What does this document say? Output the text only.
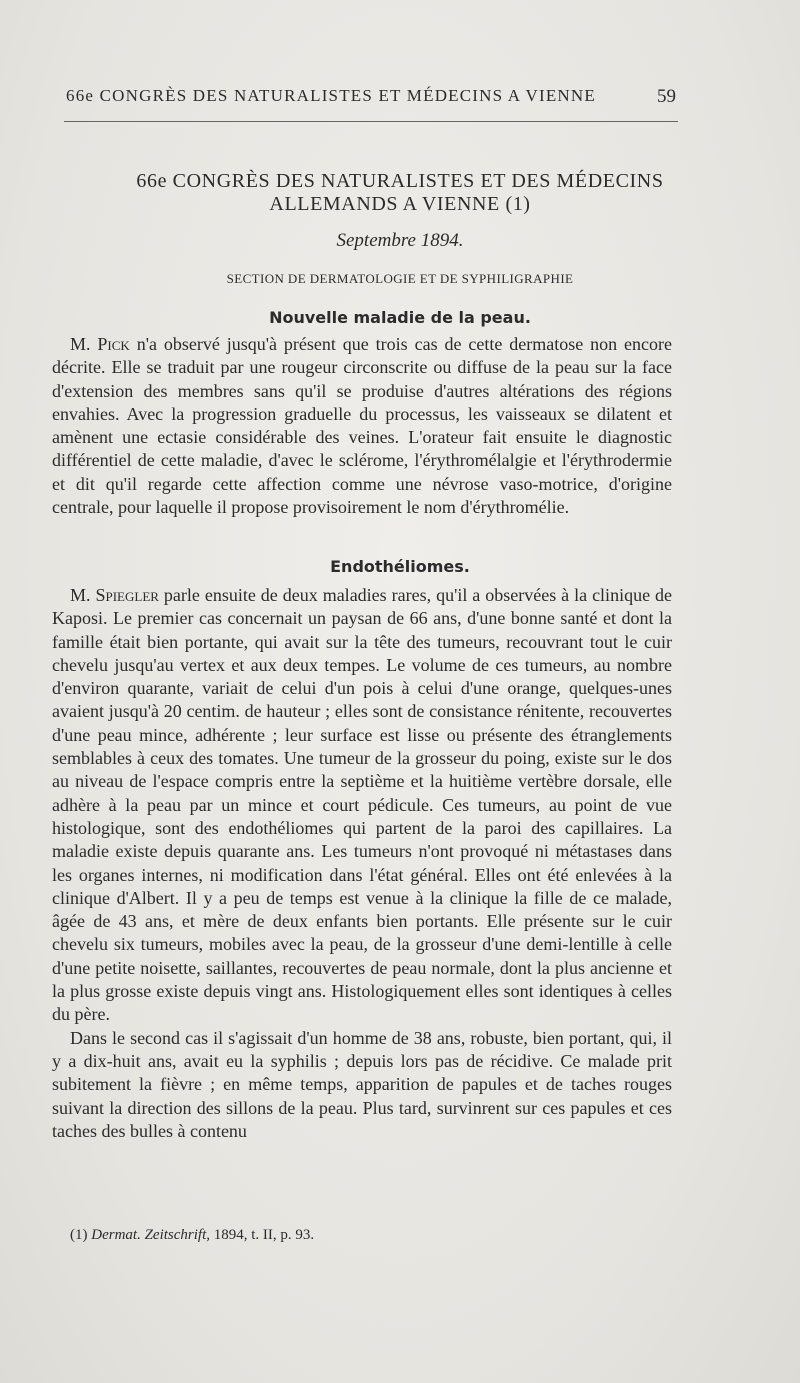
66e CONGRÈS DES NATURALISTES ET MÉDECINS A VIENNE	59
66e CONGRÈS DES NATURALISTES ET DES MÉDECINS
ALLEMANDS A VIENNE (1)
Septembre 1894.
SECTION DE DERMATOLOGIE ET DE SYPHILIGRAPHIE
Nouvelle maladie de la peau.

M. Pick n'a observé jusqu'à présent que trois cas de cette dermatose non encore décrite. Elle se traduit par une rougeur circonscrite ou diffuse de la peau sur la face d'extension des membres sans qu'il se produise d'autres altérations des régions envahies. Avec la progression graduelle du processus, les vaisseaux se dilatent et amènent une ectasie considérable des veines. L'orateur fait ensuite le diagnostic différentiel de cette maladie, d'avec le sclérome, l'érythromélalgie et l'érythrodermie et dit qu'il regarde cette affection comme une névrose vaso-motrice, d'origine centrale, pour laquelle il propose provisoirement le nom d'érythromélie.

Endothéliomes.

M. Spiegler parle ensuite de deux maladies rares, qu'il a observées à la clinique de Kaposi. Le premier cas concernait un paysan de 66 ans, d'une bonne santé et dont la famille était bien portante, qui avait sur la tête des tumeurs, recouvrant tout le cuir chevelu jusqu'au vertex et aux deux tempes. Le volume de ces tumeurs, au nombre d'environ quarante, variait de celui d'un pois à celui d'une orange, quelques-unes avaient jusqu'à 20 centim. de hauteur ; elles sont de consistance rénitente, recouvertes d'une peau mince, adhérente ; leur surface est lisse ou présente des étranglements semblables à ceux des tomates. Une tumeur de la grosseur du poing, existe sur le dos au niveau de l'espace compris entre la septième et la huitième vertèbre dorsale, elle adhère à la peau par un mince et court pédicule. Ces tumeurs, au point de vue histologique, sont des endothéliomes qui partent de la paroi des capillaires. La maladie existe depuis quarante ans. Les tumeurs n'ont provoqué ni métastases dans les organes internes, ni modification dans l'état général. Elles ont été enlevées à la clinique d'Albert. Il y a peu de temps est venue à la clinique la fille de ce malade, âgée de 43 ans, et mère de deux enfants bien portants. Elle présente sur le cuir chevelu six tumeurs, mobiles avec la peau, de la grosseur d'une demi-lentille à celle d'une petite noisette, saillantes, recouvertes de peau normale, dont la plus ancienne et la plus grosse existe depuis vingt ans. Histologiquement elles sont identiques à celles du père.

Dans le second cas il s'agissait d'un homme de 38 ans, robuste, bien portant, qui, il y a dix-huit ans, avait eu la syphilis ; depuis lors pas de récidive. Ce malade prit subitement la fièvre ; en même temps, apparition de papules et de taches rouges suivant la direction des sillons de la peau. Plus tard, survinrent sur ces papules et ces taches des bulles à contenu

(1) Dermat. Zeitschrift, 1894, t. II, p. 93.
